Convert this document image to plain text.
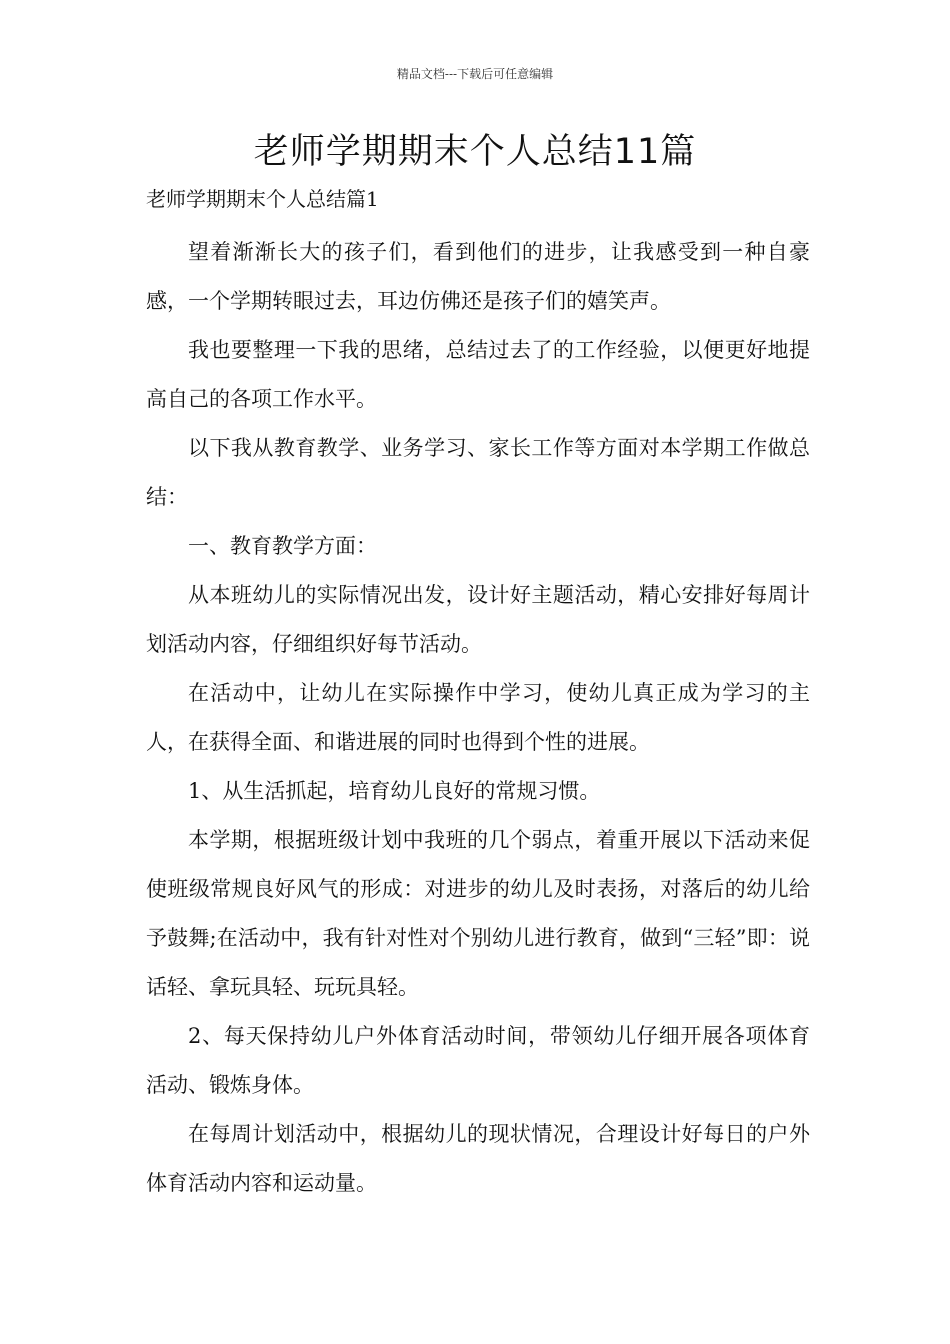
精品文档---下载后可任意编辑
老师学期期末个人总结11篇
老师学期期末个人总结篇1

望着渐渐长大的孩子们，看到他们的进步，让我感受到一种自豪感，一个学期转眼过去，耳边仿佛还是孩子们的嬉笑声。

我也要整理一下我的思绪，总结过去了的工作经验，以便更好地提高自己的各项工作水平。

以下我从教育教学、业务学习、家长工作等方面对本学期工作做总结：

一、教育教学方面：

从本班幼儿的实际情况出发，设计好主题活动，精心安排好每周计划活动内容，仔细组织好每节活动。

在活动中，让幼儿在实际操作中学习，使幼儿真正成为学习的主人，在获得全面、和谐进展的同时也得到个性的进展。

1、从生活抓起，培育幼儿良好的常规习惯。

本学期，根据班级计划中我班的几个弱点，着重开展以下活动来促使班级常规良好风气的形成：对进步的幼儿及时表扬，对落后的幼儿给予鼓舞;在活动中，我有针对性对个别幼儿进行教育，做到“三轻”即：说话轻、拿玩具轻、玩玩具轻。

2、每天保持幼儿户外体育活动时间，带领幼儿仔细开展各项体育活动、锻炼身体。

在每周计划活动中，根据幼儿的现状情况，合理设计好每日的户外体育活动内容和运动量。
